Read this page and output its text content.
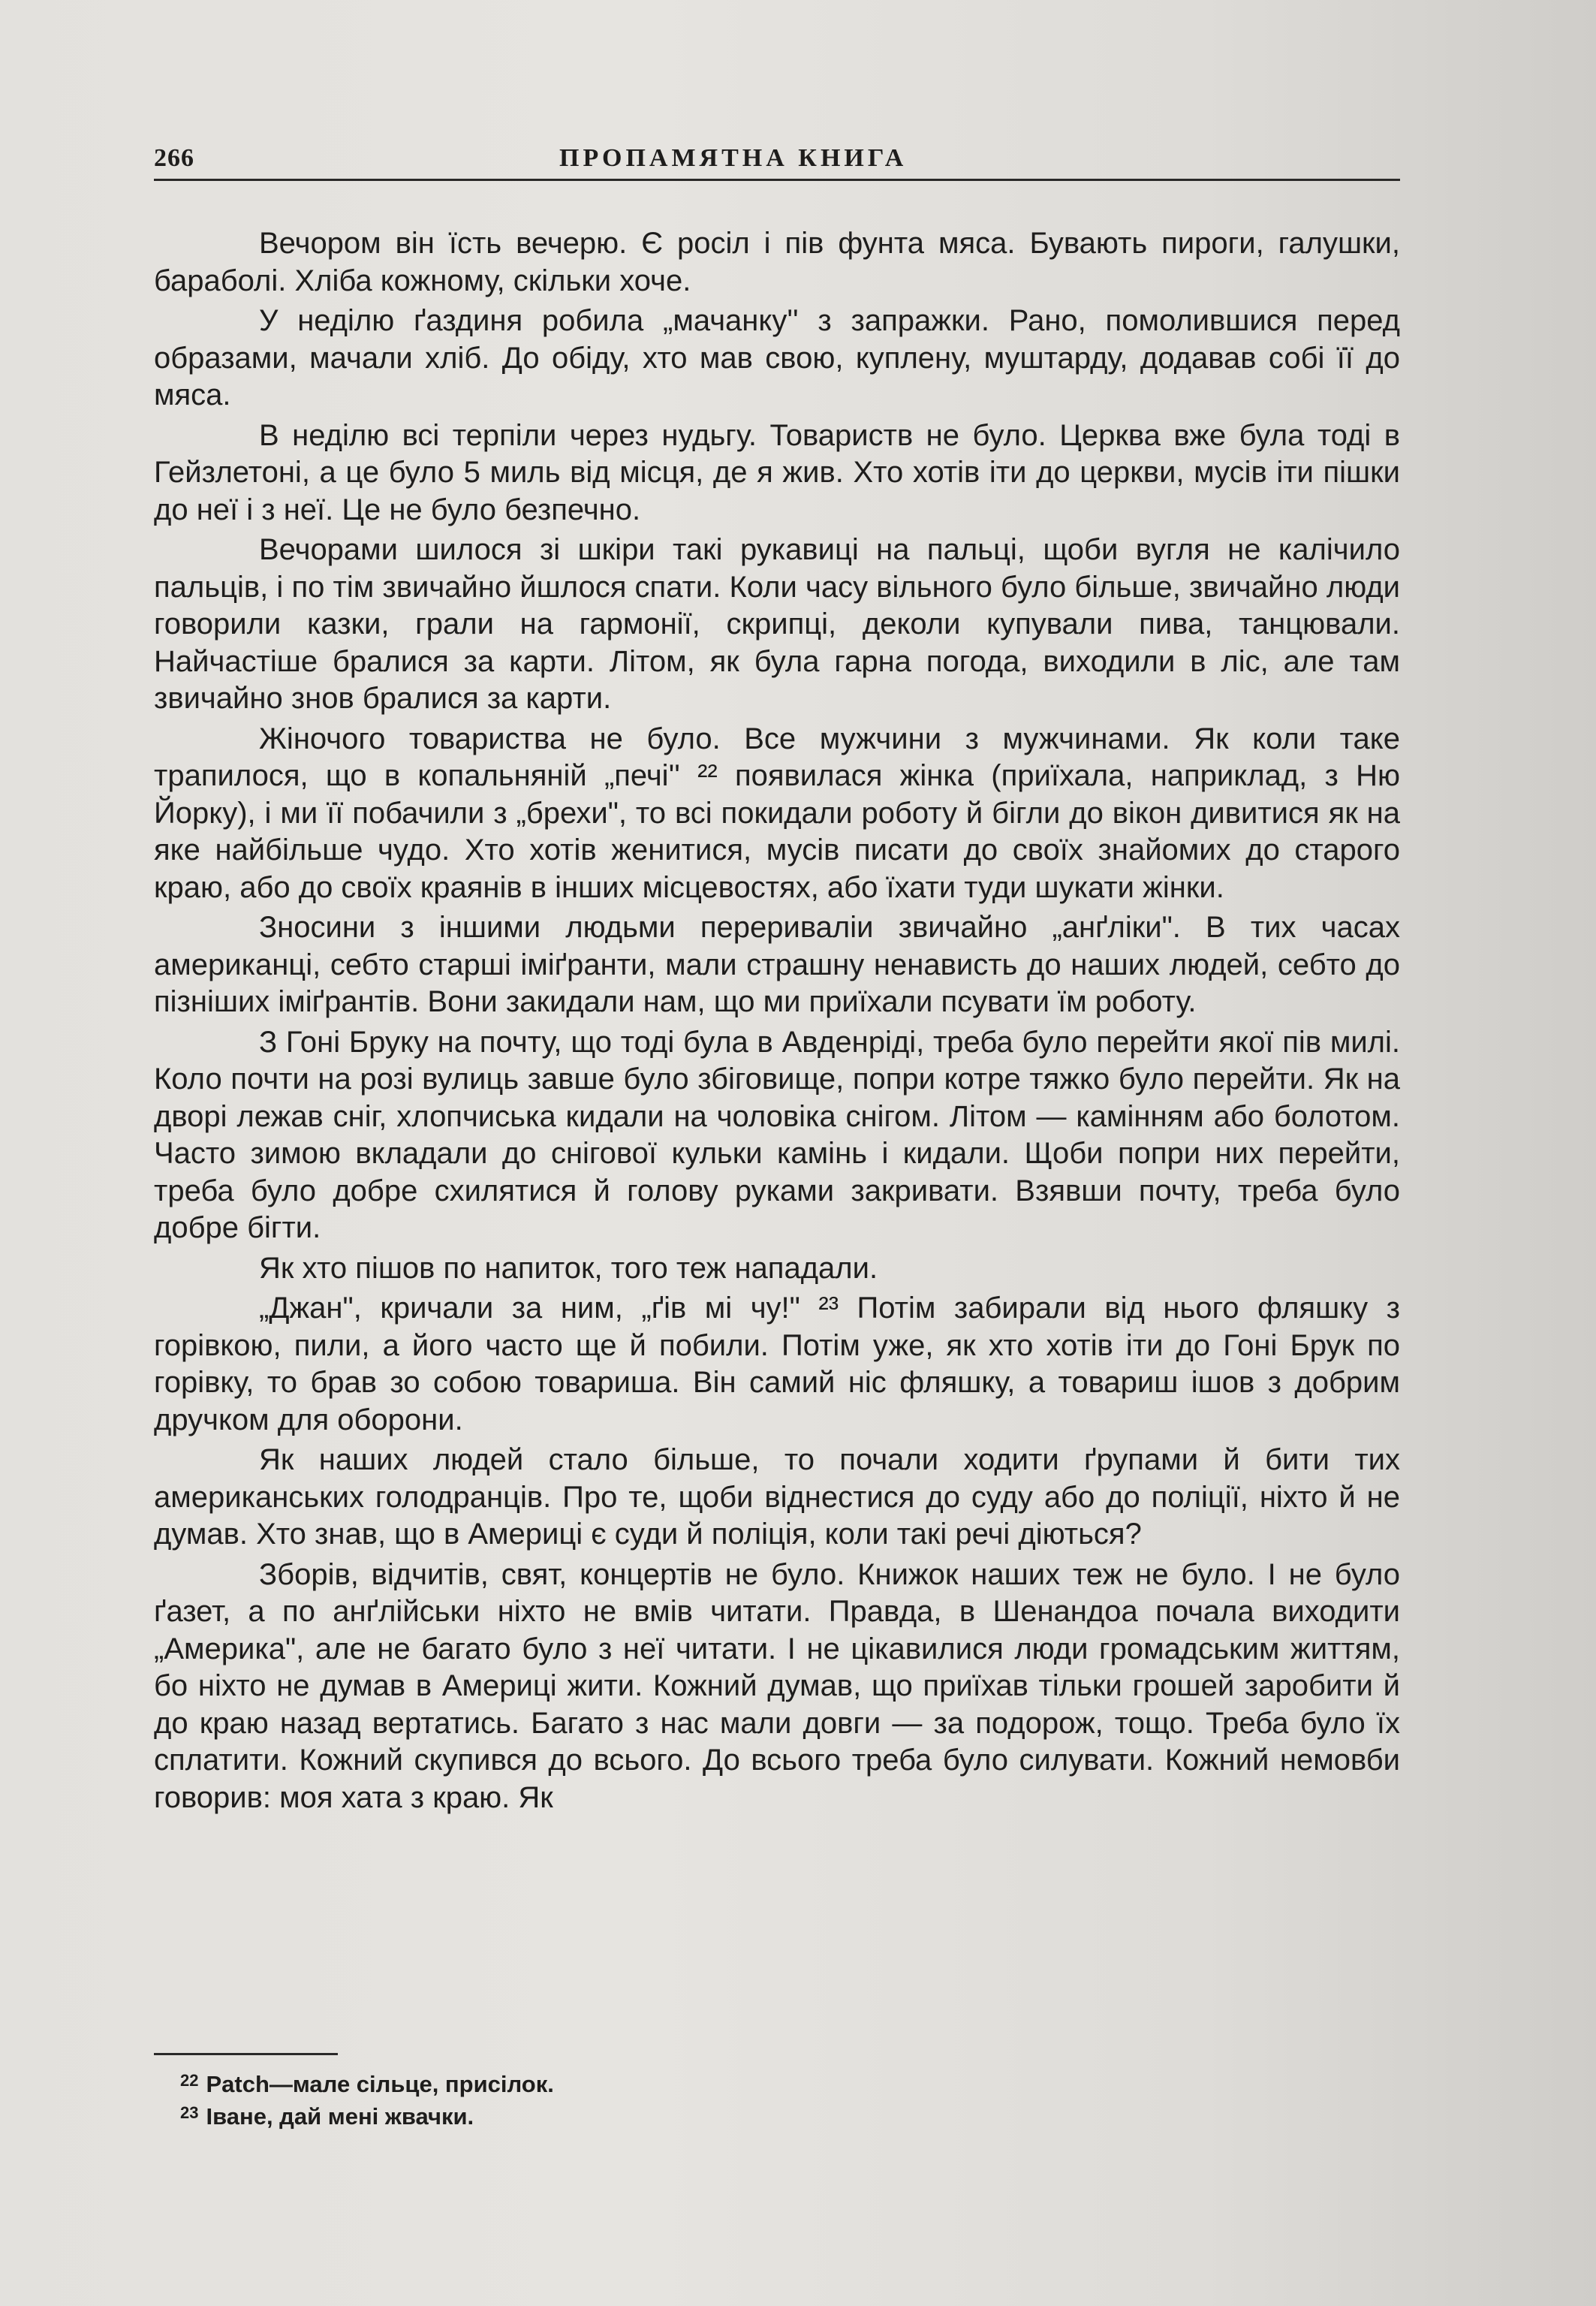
266	ПРОПАМЯТНА КНИГА

Вечором він їсть вечерю. Є росіл і пів фунта мяса. Бувають пироги, галушки, бараболі. Хліба кожному, скільки хоче.

У неділю ґаздиня робила „мачанку'' з запражки. Рано, помолившися перед образами, мачали хліб. До обіду, хто мав свою, куплену, муштарду, додавав собі її до мяса.

В неділю всі терпіли через нудьгу. Товариств не було. Церква вже була тоді в Гейзлетоні, а це було 5 миль від місця, де я жив. Хто хотів іти до церкви, мусів іти пішки до неї і з неї. Це не було безпечно.

Вечорами шилося зі шкіри такі рукавиці на пальці, щоби вугля не калічило пальців, і по тім звичайно йшлося спати. Коли часу вільного було більше, звичайно люди говорили казки, грали на гармонії, скрипці, деколи купували пива, танцювали. Найчастіше бралися за карти. Літом, як була гарна погода, виходили в ліс, але там звичайно знов бралися за карти.

Жіночого товариства не було. Все мужчини з мужчинами. Як коли таке трапилося, що в копальняній „печі'' ²² появилася жінка (приїхала, наприклад, з Ню Йорку), і ми її побачили з „брехи", то всі покидали роботу й бігли до вікон дивитися як на яке найбільше чудо. Хто хотів женитися, мусів писати до своїх знайомих до старого краю, або до своїх краянів в інших місцевостях, або їхати туди шукати жінки.

Зносини з іншими людьми перериваліи звичайно „анґліки". В тих часах американці, себто старші іміґранти, мали страшну ненависть до наших людей, себто до пізніших іміґрантів. Вони закидали нам, що ми приїхали псувати їм роботу.

З Гоні Бруку на почту, що тоді була в Авденріді, треба було перейти якої пів милі. Коло почти на розі вулиць завше було збіговище, попри котре тяжко було перейти. Як на дворі лежав сніг, хлопчиська кидали на чоловіка снігом. Літом — камінням або болотом. Часто зимою вкладали до снігової кульки камінь і кидали. Щоби попри них перейти, треба було добре схилятися й голову руками закривати. Взявши почту, треба було добре бігти.

Як хто пішов по напиток, того теж нападали.

„Джан", кричали за ним, „ґів мі чу!" ²³ Потім забирали від нього фляшку з горівкою, пили, а його часто ще й побили. Потім уже, як хто хотів іти до Гоні Брук по горівку, то брав зо собою товариша. Він самий ніс фляшку, а товариш ішов з добрим дручком для оборони.

Як наших людей стало більше, то почали ходити ґрупами й бити тих американських голодранців. Про те, щоби віднестися до суду або до поліції, ніхто й не думав. Хто знав, що в Америці є суди й поліція, коли такі речі діються?

Зборів, відчитів, свят, концертів не було. Книжок наших теж не було. І не було ґазет, а по анґлійськи ніхто не вмів читати. Правда, в Шенандоа почала виходити „Америка", але не багато було з неї читати. І не цікавилися люди громадським життям, бо ніхто не думав в Америці жити. Кожний думав, що приїхав тільки грошей заробити й до краю назад вертатись. Багато з нас мали довги — за подорож, тощо. Треба було їх сплатити. Кожний скупився до всього. До всього треба було силувати. Кожний немовби говорив: моя хата з краю. Як

$^{22}$ Patch—мале сільце, присілок.
$^{23}$ Іване, дай мені жвачки.
